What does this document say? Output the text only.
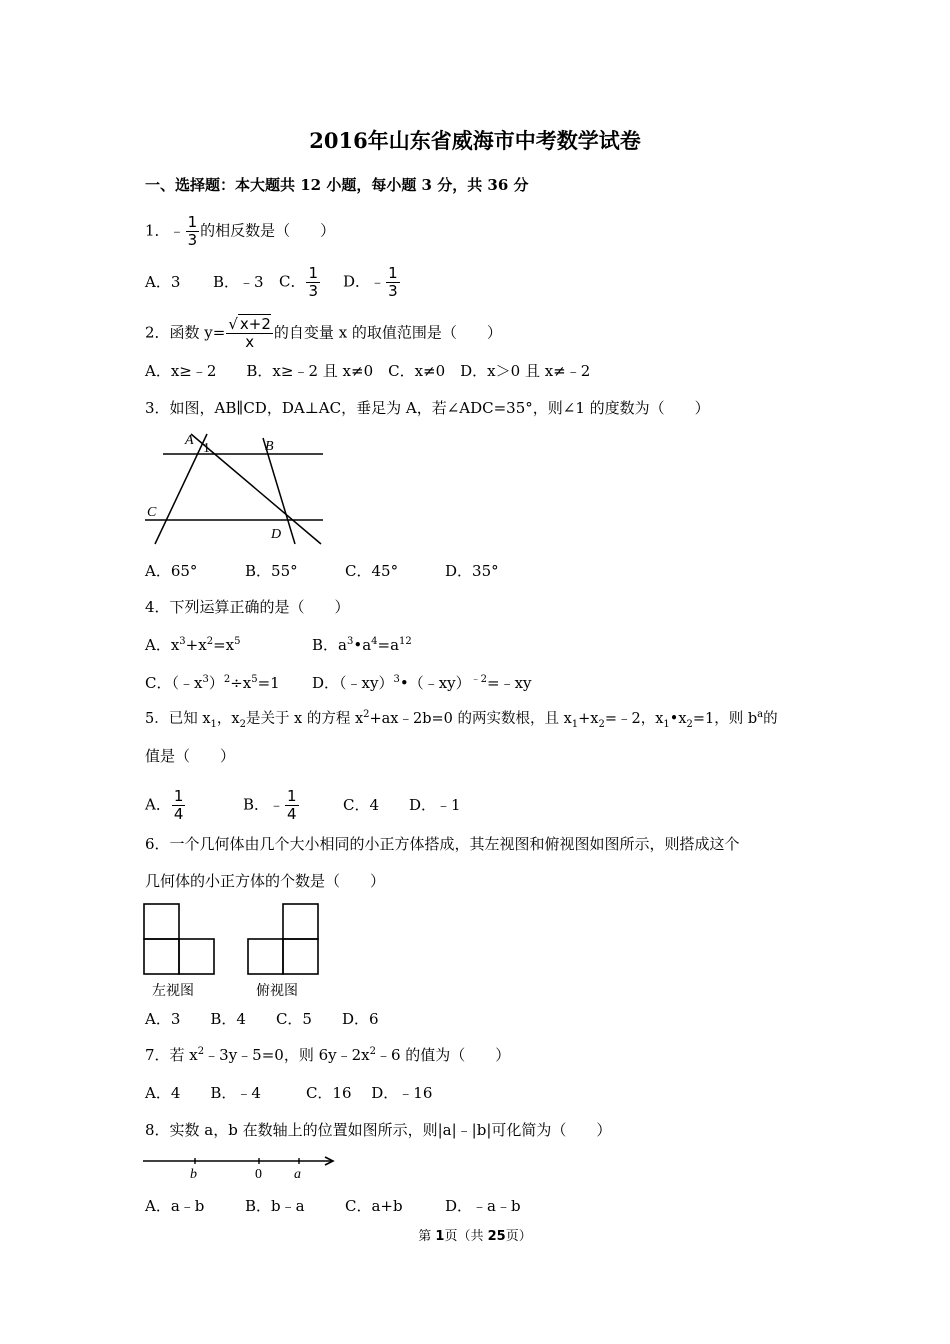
2016年山东省威海市中考数学试卷
一、选择题：本大题共 12 小题，每小题 3 分，共 36 分
1．﹣ $\frac{1}{3}$ 的相反数是（　　）
A．3 B．﹣3 C． $\frac{1}{3}$ D．﹣ $\frac{1}{3}$
2．函数 $y= \frac{√ x+2}{x}$ 的自变量 x 的取值范围是（　　）
A．x≥﹣2　　B．x≥﹣2 且 x≠0　C．x≠0　D．x＞0 且 x≠﹣2
3．如图，AB∥CD，DA⊥AC，垂足为 A，若∠ADC=35°，则∠1 的度数为（　　）
A
1	B
C
D
A．65°	B．55°	C．45°	D．35°
4．下列运算正确的是（　　）
A．$x^3+x^2=x^5$	B．$a^3•a^4=a^{12}$
C．$(﹣x^3)^2\div x^5=1$ D．（﹣xy）$^3$•（﹣xy）$^{﹣2}$=﹣xy
5．已知 $x_1$，$x_2$是关于 x 的方程 $x^2+ax﹣2b=0$ 的两实数根，且 $x_1+x_2=﹣2$，$x_1•x_2=1$，则 $b^a$的
值是（　　）
A． $\frac{1}{4}$	B．﹣ $\frac{1}{4}$	C．4 D．﹣1
6．一个几何体由几个大小相同的小正方体搭成，其左视图和俯视图如图所示，则搭成这个
几何体的小正方体的个数是（　　）
左视图	俯视图
A．3　　B．4　　C．5　　D．6
7．若 $x^2﹣3y﹣5=0$，则 $6y﹣2x^2﹣6$ 的值为（　　）
A．4　　B．﹣4　　　C．16　 D．﹣16
8．实数 a，b 在数轴上的位置如图所示，则|a|﹣|b|可化简为（　　）
b	0 a
A．a﹣b	B．b﹣a	C．a+b	D．﹣a﹣b
第 1页（共 25页）
